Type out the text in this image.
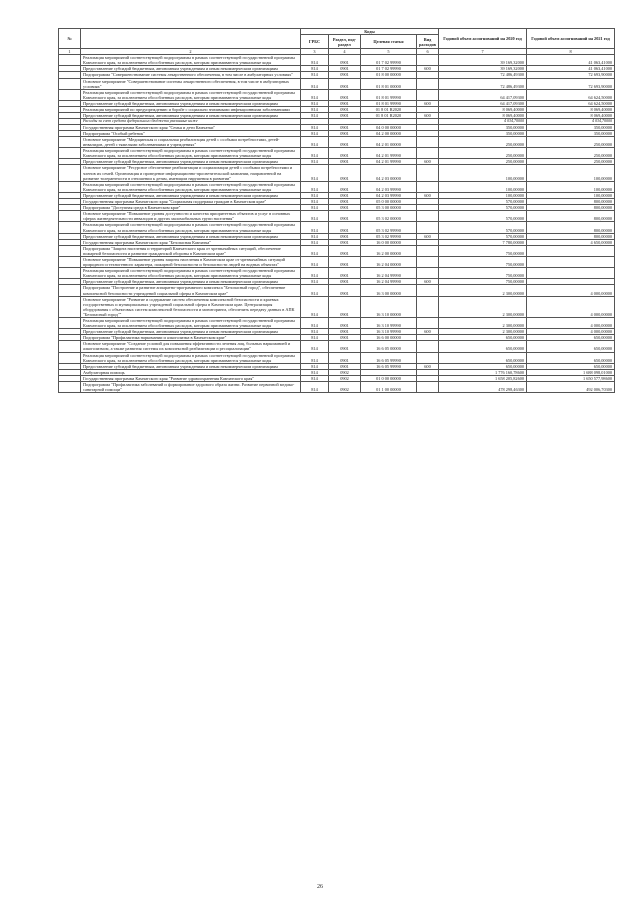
№		Коды				Годовой объем ассигнований на 2020 год	Годовой объем ассигнований на 2021 год
		ГРБС	Раздел, под-раздел	Целевая статья	Вид расходов		
1	2	3	4	5	6	7	8
	Реализация мероприятий соответствующей подпрограммы в рамках соответствующей государственной программы Камчатского края, за исключением обособленных расходов, которым присваиваются уникальные коды	814	0901	01 7 02 99990		39 169,32000	41 063,41000
	Предоставление субсидий бюджетным, автономным учреждениям и иным некоммерческим организациям	814	0901	01 7 02 99990	600	39 169,32000	41 063,41000
	Подпрограмма "Совершенствование системы лекарственного обеспечения, в том числе в амбулаторных условиях"	814	0901	01 8 00 00000		72 486,49300	72 693,90000
	Основное мероприятие "Совершенствование системы лекарственного обеспечения, в том числе в амбулаторных условиях"	814	0901	01 8 01 00000		72 486,49300	72 693,90000
	Реализация мероприятий соответствующей подпрограммы в рамках соответствующей государственной программы Камчатского края, за исключением обособленных расходов, которым присваиваются уникальные коды	814	0901	01 8 01 99990		64 417,09300	64 624,50000
	Предоставление субсидий бюджетным, автономным учреждениям и иным некоммерческим организациям	814	0901	01 8 01 99990	600	64 417,09300	64 624,50000
	Реализация мероприятий по предупреждению и борьбе с социально значимыми инфекционными заболеваниями	814	0901	01 8 01 R2020		8 069,40000	8 069,40000
	Предоставление субсидий бюджетным, автономным учреждениям и иным некоммерческим организациям	814	0901	01 8 01 R2020	600	8 069,40000	8 069,40000
	Расходы за счет средств федерального бюджета указанные ниже					4 034,70000	4 034,70000
	Государственная программа Камчатского края "Семья и дети Камчатки"	814	0901	04 0 00 00000		350,00000	350,00000
	Подпрограмма "Особый ребенок"	814	0901	04 2 00 00000		350,00000	350,00000
	Основное мероприятие "Медицинская и социальная реабилитация детей с особыми потребностями, детей-инвалидов, детей с тяжелыми заболеваниями и учреждениях"	814	0901	04 2 01 00000		250,00000	250,00000
	Реализация мероприятий соответствующей подпрограммы в рамках соответствующей государственной программы Камчатского края, за исключением обособленных расходов, которым присваиваются уникальные коды	814	0901	04 2 01 99990		250,00000	250,00000
	Предоставление субсидий бюджетным, автономным учреждениям и иным некоммерческим организациям	814	0901	04 2 01 99990	600	250,00000	250,00000
	Основное мероприятие "Ресурсное обеспечение реабилитации и социализации детей с особыми потребностями и членов их семей. Организация и проведение информационно-просветительской кампании, направленной на развитие толерантности в отношении к детям, имеющим нарушения в развитии"	814	0901	04 2 03 00000		100,00000	100,00000
	Реализация мероприятий соответствующей подпрограммы в рамках соответствующей государственной программы Камчатского края, за исключением обособленных расходов, которым присваиваются уникальные коды	814	0901	04 2 03 99990		100,00000	100,00000
	Предоставление субсидий бюджетным, автономным учреждениям и иным некоммерческим организациям	814	0901	04 2 03 99990	600	100,00000	100,00000
	Государственная программа Камчатского края "Социальная поддержка граждан в Камчатском крае"	814	0901	05 0 00 00000		570,00000	800,00000
	Подпрограмма "Доступная среда в Камчатском крае"	814	0901	05 3 00 00000		570,00000	800,00000
	Основное мероприятие "Повышение уровня доступности и качества приоритетных объектов и услуг в основных сферах жизнедеятельности инвалидов и других маломобильных групп населения"	814	0901	05 3 02 00000		570,00000	800,00000
	Реализация мероприятий соответствующей подпрограммы в рамках соответствующей государственной программы Камчатского края, за исключением обособленных расходов, которым присваиваются уникальные коды	814	0901	05 3 02 99990		570,00000	800,00000
	Предоставление субсидий бюджетным, автономным учреждениям и иным некоммерческим организациям	814	0901	05 3 02 99990	600	570,00000	800,00000
	Государственная программа Камчатского края "Безопасная Камчатка"	814	0901	16 0 00 00000		7 780,00000	4 650,00000
	Подпрограмма "Защита населения и территорий Камчатского края от чрезвычайных ситуаций, обеспечение пожарной безопасности и развитие гражданской обороны в Камчатском крае"	814	0901	16 2 00 00000		750,00000	
	Основное мероприятие "Повышение уровня защиты населения в Камчатском крае от чрезвычайных ситуаций природного и техногенного характера, пожарной безопасности и безопасности людей на водных объектах"	814	0901	16 2 04 00000		750,00000	
	Реализация мероприятий соответствующей подпрограммы в рамках соответствующей государственной программы Камчатского края, за исключением обособленных расходов, которым присваиваются уникальные коды	814	0901	16 2 04 99990		750,00000	
	Предоставление субсидий бюджетным, автономным учреждениям и иным некоммерческим организациям	814	0901	16 2 04 99990	600	750,00000	
	Подпрограмма "Построение и развитие аппаратно-программного комплекса "Безопасный город", обеспечение комплексной безопасности учреждений социальной сферы в Камчатском крае"	814	0901	16 3 00 00000		2 300,00000	4 000,00000
	Основное мероприятие "Развитие и содержание систем обеспечения комплексной безопасности и краевых государственных и муниципальных учреждений социальной сферы в Камчатском крае. Централизация оборудования с объектовых систем комплексной безопасности и мониторинга, обеспечить передачу данных в АПК "Безопасный город""	814	0901	16 3 10 00000		2 300,00000	4 000,00000
	Реализация мероприятий соответствующей подпрограммы в рамках соответствующей государственной программы Камчатского края, за исключением обособленных расходов, которым присваиваются уникальные коды	814	0901	16 3 10 99990		2 300,00000	4 000,00000
	Предоставление субсидий бюджетным, автономным учреждениям и иным некоммерческим организациям	814	0901	16 3 10 99990	600	2 300,00000	4 000,00000
	Подпрограмма "Профилактика наркомании и алкоголизма в Камчатском крае"	814	0901	16 6 00 00000		650,00000	650,00000
	Основное мероприятие "Создание условий для повышения эффективности лечения лиц, больных наркоманией и алкоголизмом, а также развития системы их комплексной реабилитации и ресоциализации"	814	0901	16 6 05 00000		650,00000	650,00000
	Реализация мероприятий соответствующей подпрограммы в рамках соответствующей государственной программы Камчатского края, за исключением обособленных расходов, которым присваиваются уникальные коды	814	0901	16 6 05 99990		650,00000	650,00000
	Предоставление субсидий бюджетным, автономным учреждениям и иным некоммерческим организациям	814	0901	16 6 05 99990	600	650,00000	650,00000
	Амбулаторная помощь	814	0902			1 776 160,78600	1 688 098,01000
	Государственная программа Камчатского края "Развитие здравоохранения Камчатского края"	814	0902	01 0 00 00000		1 658 205,82600	1 650 577,98600
	Подпрограмма "Профилактика заболеваний и формирование здорового образа жизни. Развитие первичной медико-санитарной помощи"	814	0902	01 1 00 00000		478 298,46300	492 006,70300
26
